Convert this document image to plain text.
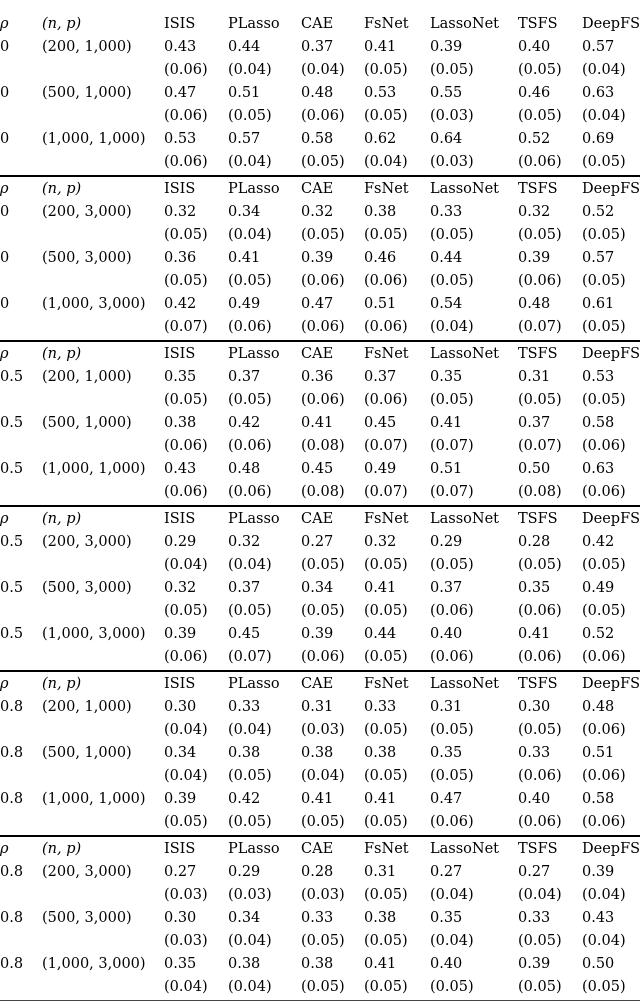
ρ (n, p)	ISIS PLasso CAE FsNet LassoNet TSFS DeepFS
0 (200, 1,000) 0.43 0.44	0.37 0.41 0.39	0.40 0.57
(0.06) (0.04) (0.04) (0.05) (0.05)	(0.05) (0.04)
0 (500, 1,000) 0.47 0.51	0.48 0.53 0.55	0.46 0.63
(0.06) (0.05) (0.06) (0.05) (0.03)	(0.05) (0.04)
0 (1,000, 1,000) 0.53 0.57	0.58 0.62 0.64	0.52 0.69
(0.06) (0.04) (0.05) (0.04) (0.03)	(0.06) (0.05)
ρ (n, p)	ISIS PLasso CAE FsNet LassoNet TSFS DeepFS
0 (200, 3,000) 0.32 0.34	0.32 0.38 0.33	0.32 0.52
(0.05) (0.04) (0.05) (0.05) (0.05)	(0.05) (0.05)
0 (500, 3,000) 0.36 0.41	0.39 0.46 0.44	0.39 0.57
(0.05) (0.05) (0.06) (0.06) (0.05)	(0.06) (0.05)
0 (1,000, 3,000) 0.42 0.49	0.47 0.51 0.54	0.48 0.61
(0.07) (0.06) (0.06) (0.06) (0.04)	(0.07) (0.05)
ρ (n, p)	ISIS PLasso CAE FsNet LassoNet TSFS DeepFS
0.5 (200, 1,000) 0.35 0.37	0.36 0.37 0.35	0.31 0.53
(0.05) (0.05) (0.06) (0.06) (0.05)	(0.05) (0.05)
0.5 (500, 1,000) 0.38 0.42	0.41 0.45 0.41	0.37 0.58
(0.06) (0.06) (0.08) (0.07) (0.07)	(0.07) (0.06)
0.5 (1,000, 1,000) 0.43 0.48	0.45 0.49 0.51	0.50 0.63
(0.06) (0.06) (0.08) (0.07) (0.07)	(0.08) (0.06)
ρ (n, p)	ISIS PLasso CAE FsNet LassoNet TSFS DeepFS
0.5 (200, 3,000) 0.29 0.32	0.27 0.32 0.29	0.28 0.42
(0.04) (0.04) (0.05) (0.05) (0.05)	(0.05) (0.05)
0.5 (500, 3,000) 0.32 0.37	0.34 0.41 0.37	0.35 0.49
(0.05) (0.05) (0.05) (0.05) (0.06)	(0.06) (0.05)
0.5 (1,000, 3,000) 0.39 0.45	0.39 0.44 0.40	0.41 0.52
(0.06) (0.07) (0.06) (0.05) (0.06)	(0.06) (0.06)
ρ (n, p)	ISIS PLasso CAE FsNet LassoNet TSFS DeepFS
0.8 (200, 1,000) 0.30 0.33	0.31 0.33 0.31	0.30 0.48
(0.04) (0.04) (0.03) (0.05) (0.05)	(0.05) (0.06)
0.8 (500, 1,000) 0.34 0.38	0.38 0.38 0.35	0.33 0.51
(0.04) (0.05) (0.04) (0.05) (0.05)	(0.06) (0.06)
0.8 (1,000, 1,000) 0.39 0.42	0.41 0.41 0.47	0.40 0.58
(0.05) (0.05) (0.05) (0.05) (0.06)	(0.06) (0.06)
ρ (n, p)	ISIS PLasso CAE FsNet LassoNet TSFS DeepFS
0.8 (200, 3,000) 0.27 0.29	0.28 0.31 0.27	0.27 0.39
(0.03) (0.03) (0.03) (0.05) (0.04)	(0.04) (0.04)
0.8 (500, 3,000) 0.30 0.34	0.33 0.38 0.35	0.33 0.43
(0.03) (0.04) (0.05) (0.05) (0.04)	(0.05) (0.04)
0.8 (1,000, 3,000) 0.35 0.38	0.38 0.41 0.40	0.39 0.50
(0.04) (0.04) (0.05) (0.05) (0.05)	(0.05) (0.05)
